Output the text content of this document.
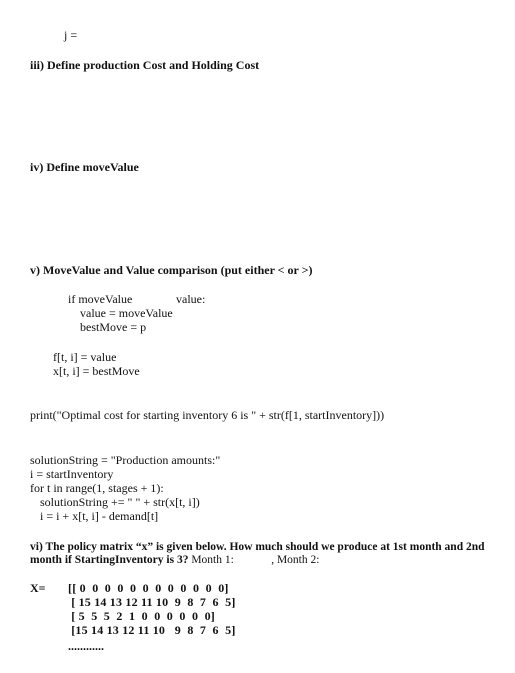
j =
iii) Define production Cost and Holding Cost
iv) Define moveValue
v) MoveValue and Value comparison (put either < or >)
if moveValue	value:
value = moveValue
bestMove = p
f[t, i] = value
x[t, i] = bestMove
print("Optimal cost for starting inventory 6 is " + str(f[1, startInventory]))
solutionString = "Production amounts:"
i = startInventory
for t in range(1, stages + 1):
solutionString += " " + str(x[t, i])
i = i + x[t, i] - demand[t]
vi) The policy matrix “x” is given below. How much should we produce at 1st month and 2nd
month if StartingInventory is 3? Month 1:	, Month 2:
X= [[ 0  0  0  0  0  0  0  0  0  0  0  0]
[ 15 14 13 12 11 10  9  8  7  6  5]
[ 5  5  5  2  1  0  0  0  0  0  0]
[15 14 13 12 11 10   9  8  7  6  5]
............
